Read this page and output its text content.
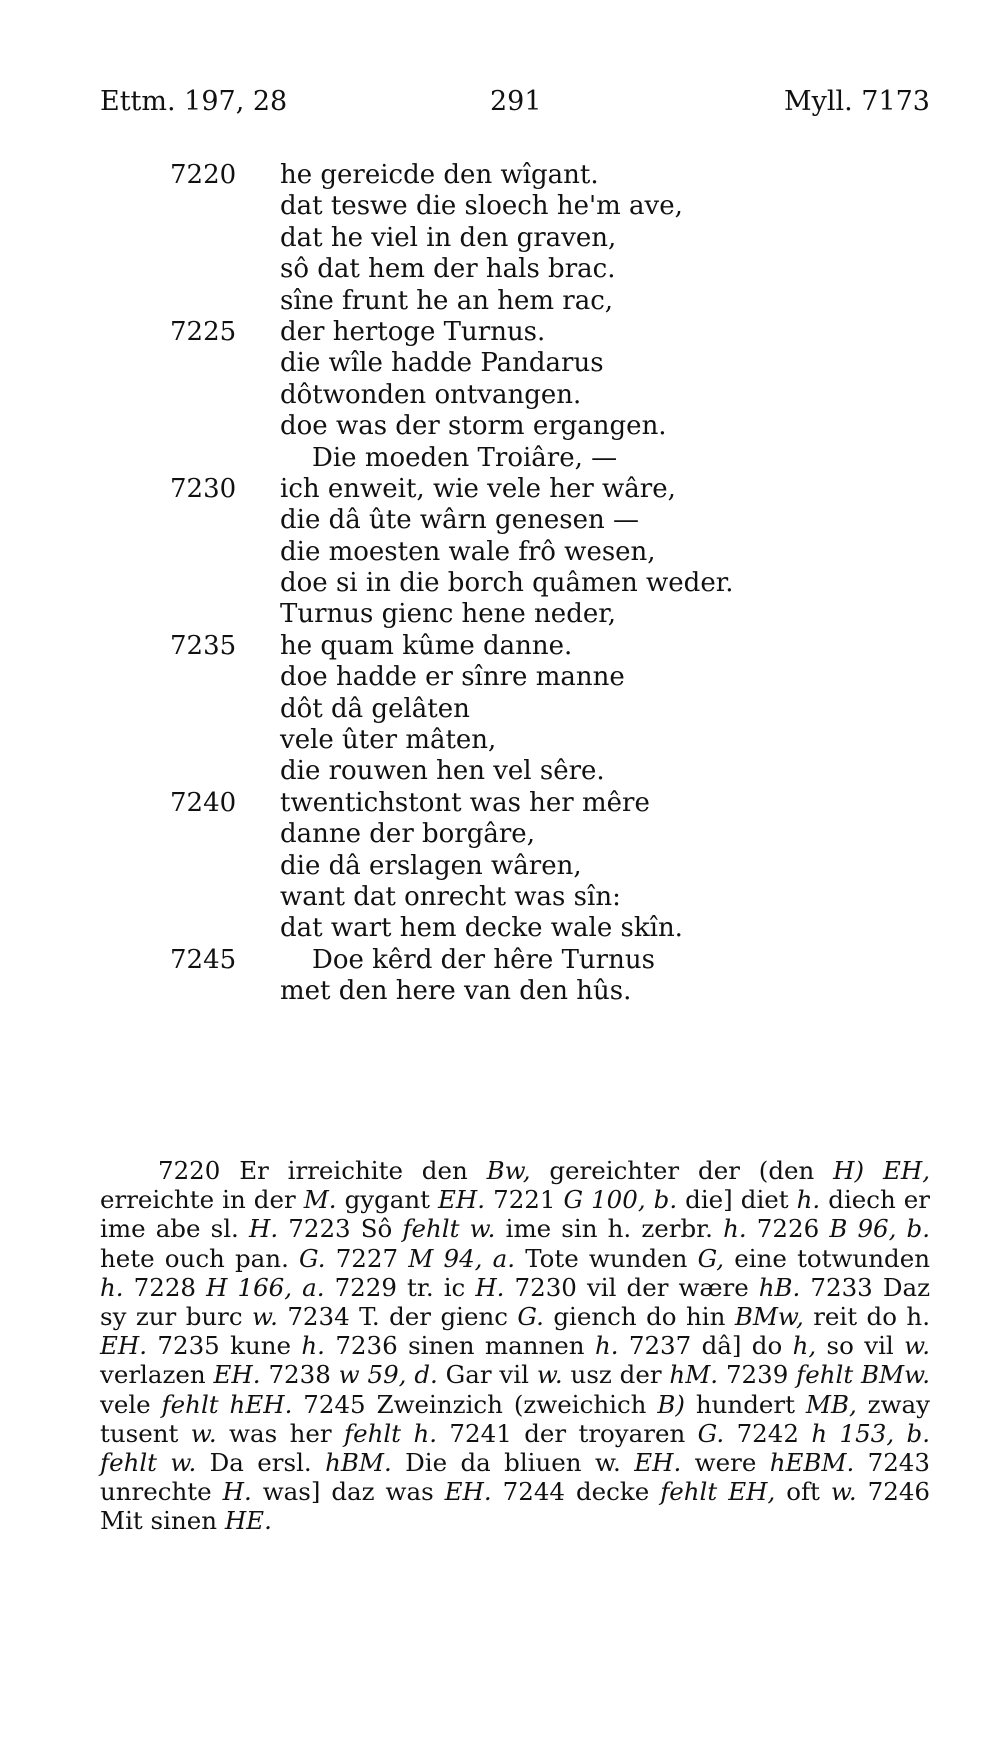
Ettm. 197, 28	291	Myll. 7173
7220	he gereicde den wîgant.
dat teswe die sloech he'm ave,
dat he viel in den graven,
sô dat hem der hals brac.
sîne frunt he an hem rac,
7225	der hertoge Turnus.
die wîle hadde Pandarus
dôtwonden ontvangen.
doe was der storm ergangen.
Die moeden Troiâre, —
7230	ich enweit, wie vele her wâre,
die dâ ûte wârn genesen —
die moesten wale frô wesen,
doe si in die borch quâmen weder.
Turnus gienc hene neder,
7235	he quam kûme danne.
doe hadde er sînre manne
dôt dâ gelâten
vele ûter mâten,
die rouwen hen vel sêre.
7240	twentichstont was her mêre
danne der borgâre,
die dâ erslagen wâren,
want dat onrecht was sîn:
dat wart hem decke wale skîn.
7245	Doe kêrd der hêre Turnus
met den here van den hûs.

7220 Er irreichite den Bw, gereichter der (den H) EH, erreichte in der M. gygant EH. 7221 G 100, b. die] diet h. diech er ime abe sl. H. 7223 Sô fehlt w. ime sin h. zerbr. h. 7226 B 96, b. hete ouch pan. G. 7227 M 94, a. Tote wunden G, eine totwunden h. 7228 H 166, a. 7229 tr. ic H. 7230 vil der wære hB. 7233 Daz sy zur burc w. 7234 T. der gienc G. giench do hin BMw, reit do h. EH. 7235 kune h. 7236 sinen mannen h. 7237 dâ] do h, so vil w. verlazen EH. 7238 w 59, d. Gar vil w. usz der hM. 7239 fehlt BMw. vele fehlt hEH. 7245 Zweinzich (zweichich B) hundert MB, zway tusent w. was her fehlt h. 7241 der troyaren G. 7242 h 153, b. fehlt w. Da ersl. hBM. Die da bliuen w. EH. were hEBM. 7243 unrechte H. was] daz was EH. 7244 decke fehlt EH, oft w. 7246 Mit sinen HE.
